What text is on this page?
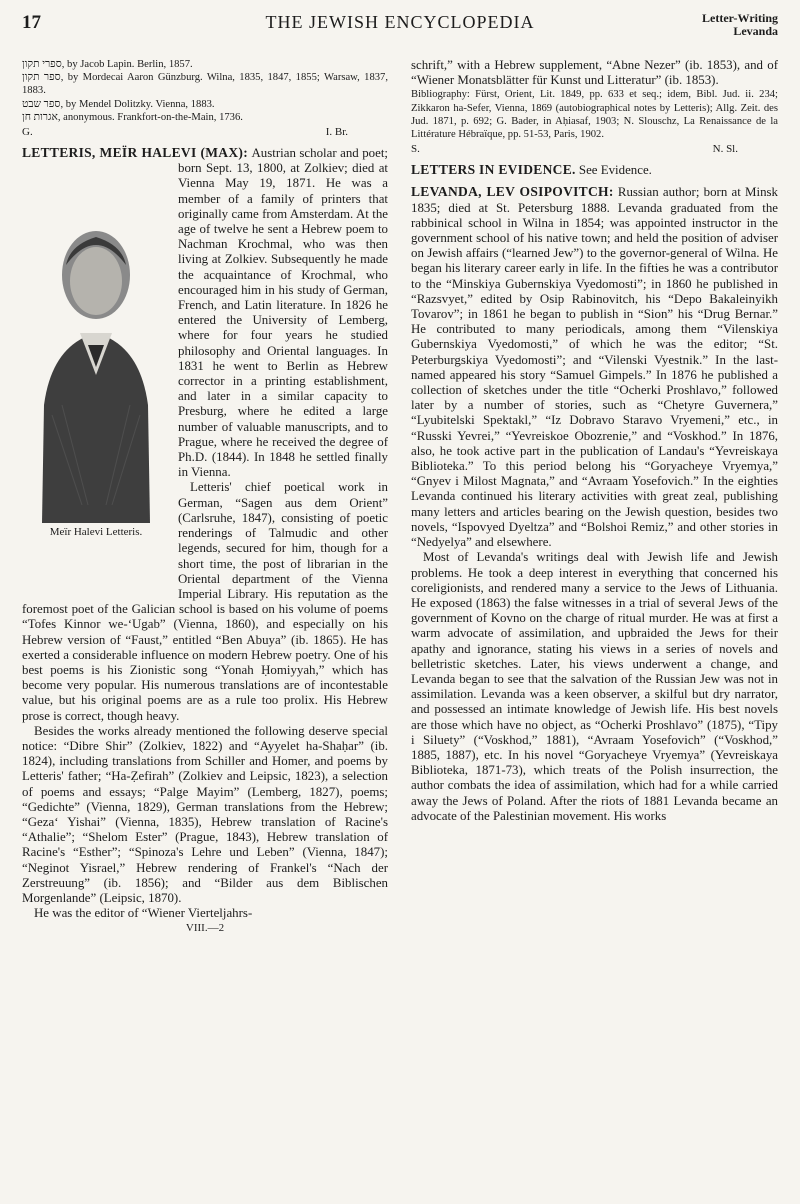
17	THE JEWISH ENCYCLOPEDIA	Letter-Writing
Levanda

ספרי תקון, by Jacob Lapin. Berlin, 1857.

ספר תקון, by Mordecai Aaron Günzburg. Wilna, 1835, 1847, 1855; Warsaw, 1837, 1883.

ספר שבט, by Mendel Dolitzky. Vienna, 1883.

אגרות חן, anonymous. Frankfort-on-the-Main, 1736.

G.	I. Br.

LETTERIS, MEÏR HALEVI (MAX):
Meïr Halevi Letteris.
Austrian scholar and poet; born Sept. 13, 1800, at Zolkiev; died at Vienna May 19, 1871. He was a member of a family of printers that originally came from Amsterdam. At the age of twelve he sent a Hebrew poem to Nachman Krochmal, who was then living at Zolkiev. Subsequently he made the acquaintance of Krochmal, who encouraged him in his study of German, French, and Latin literature. In 1826 he entered the University of Lemberg, where for four years he studied philosophy and Oriental languages. In 1831 he went to Berlin as Hebrew corrector in a printing establishment, and later in a similar capacity to Presburg, where he edited a large number of valuable manuscripts, and to Prague, where he received the degree of Ph.D. (1844). In 1848 he settled finally in Vienna.

Letteris' chief poetical work in German, “Sagen aus dem Orient” (Carlsruhe, 1847), consisting of poetic renderings of Talmudic and other legends, secured for him, though for a short time, the post of librarian in the Oriental department of the Vienna Imperial Library. His reputation as the foremost poet of the Galician school is based on his volume of poems “Tofes Kinnor we-‘Ugab” (Vienna, 1860), and especially on his Hebrew version of “Faust,” entitled “Ben Abuya” (ib. 1865). He has exerted a considerable influence on modern Hebrew poetry. One of his best poems is his Zionistic song “Yonah Ḥomiyyah,” which has become very popular. His numerous translations are of incontestable value, but his original poems are as a rule too prolix. His Hebrew prose is correct, though heavy.

Besides the works already mentioned the following deserve special notice: “Dibre Shir” (Zolkiev, 1822) and “Ayyelet ha-Shaḥar” (ib. 1824), including translations from Schiller and Homer, and poems by Letteris' father; “Ha-Ẓefirah” (Zolkiev and Leipsic, 1823), a selection of poems and essays; “Palge Mayim” (Lemberg, 1827), poems; “Gedichte” (Vienna, 1829), German translations from the Hebrew; “Geza‘ Yishai” (Vienna, 1835), Hebrew translation of Racine's “Athalie”; “Shelom Ester” (Prague, 1843), Hebrew translation of Racine's “Esther”; “Spinoza's Lehre und Leben” (Vienna, 1847); “Neginot Yisrael,” Hebrew rendering of Frankel's “Nach der Zerstreuung” (ib. 1856); and “Bilder aus dem Biblischen Morgenlande” (Leipsic, 1870).

He was the editor of “Wiener Vierteljahrs-

VIII.—2

schrift,” with a Hebrew supplement, “Abne Nezer” (ib. 1853), and of “Wiener Monatsblätter für Kunst und Litteratur” (ib. 1853).

Bibliography: Fürst, Orient, Lit. 1849, pp. 633 et seq.; idem, Bibl. Jud. ii. 234; Zikkaron ha-Sefer, Vienna, 1869 (autobiographical notes by Letteris); Allg. Zeit. des Jud. 1871, p. 692; G. Bader, in Aḥiasaf, 1903; N. Slouschz, La Renaissance de la Littérature Hébraïque, pp. 51-53, Paris, 1902.

S.	N. Sl.

LETTERS IN EVIDENCE. See Evidence.

LEVANDA, LEV OSIPOVITCH: Russian author; born at Minsk 1835; died at St. Petersburg 1888. Levanda graduated from the rabbinical school in Wilna in 1854; was appointed instructor in the government school of his native town; and held the position of adviser on Jewish affairs (“learned Jew”) to the governor-general of Wilna. He began his literary career early in life. In the fifties he was a contributor to the “Minskiya Gubernskiya Vyedomosti”; in 1860 he published in “Razsvyet,” edited by Osip Rabinovitch, his “Depo Bakaleinyikh Tovarov”; in 1861 he began to publish in “Sion” his “Drug Bernar.” He contributed to many periodicals, among them “Vilenskiya Gubernskiya Vyedomosti,” of which he was the editor; “St. Peterburgskiya Vyedomosti”; and “Vilenski Vyestnik.” In the last-named appeared his story “Samuel Gimpels.” In 1876 he published a collection of sketches under the title “Ocherki Proshlavo,” followed later by a number of stories, such as “Chetyre Guvernera,” “Lyubitelski Spektakl,” “Iz Dobravo Staravo Vryemeni,” etc., in “Russki Yevrei,” “Yevreiskoe Obozrenie,” and “Voskhod.” In 1876, also, he took active part in the publication of Landau's “Yevreiskaya Biblioteka.” To this period belong his “Goryacheye Vryemya,” “Gnyev i Milost Magnata,” and “Avraam Yosefovich.” In the eighties Levanda continued his literary activities with great zeal, publishing many letters and articles bearing on the Jewish question, besides two novels, “Ispovyed Dyeltza” and “Bolshoi Remiz,” and other stories in “Nedyelya” and elsewhere.

Most of Levanda's writings deal with Jewish life and Jewish problems. He took a deep interest in everything that concerned his coreligionists, and rendered many a service to the Jews of Lithuania. He exposed (1863) the false witnesses in a trial of several Jews of the government of Kovno on the charge of ritual murder. He was at first a warm advocate of assimilation, and upbraided the Jews for their apathy and ignorance, stating his views in a series of novels and belletristic sketches. Later, his views underwent a change, and Levanda began to see that the salvation of the Russian Jew was not in assimilation. Levanda was a keen observer, a skilful but dry narrator, and possessed an intimate knowledge of Jewish life. His best novels are those which have no object, as “Ocherki Proshlavo” (1875), “Tipy i Siluety” (“Voskhod,” 1881), “Avraam Yosefovich” (“Voskhod,” 1885, 1887), etc. In his novel “Goryacheye Vryemya” (Yevreiskaya Biblioteka, 1871-73), which treats of the Polish insurrection, the author combats the idea of assimilation, which had for a while carried away the Jews of Poland. After the riots of 1881 Levanda became an advocate of the Palestinian movement. His works
